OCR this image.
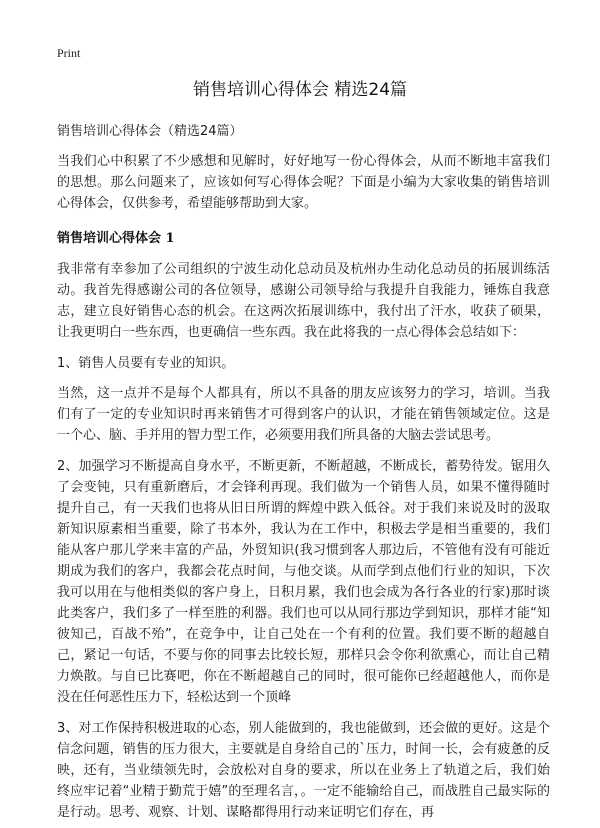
Print
销售培训心得体会 精选24篇

销售培训心得体会（精选24篇）

当我们心中积累了不少感想和见解时，好好地写一份心得体会，从而不断地丰富我们的思想。那么问题来了，应该如何写心得体会呢？下面是小编为大家收集的销售培训心得体会，仅供参考，希望能够帮助到大家。

销售培训心得体会 1

我非常有幸参加了公司组织的宁波生动化总动员及杭州办生动化总动员的拓展训练活动。我首先得感谢公司的各位领导，感谢公司领导给与我提升自我能力，锤炼自我意志，建立良好销售心态的机会。在这两次拓展训练中，我付出了汗水，收获了硕果，让我更明白一些东西，也更确信一些东西。我在此将我的一点心得体会总结如下：

1、销售人员要有专业的知识。

当然，这一点并不是每个人都具有，所以不具备的朋友应该努力的学习，培训。当我们有了一定的专业知识时再来销售才可得到客户的认识，才能在销售领域定位。这是一个心、脑、手并用的智力型工作，必须要用我们所具备的大脑去尝试思考。

2、加强学习不断提高自身水平，不断更新，不断超越，不断成长，蓄势待发。锯用久了会变钝，只有重新磨后，才会锋利再现。我们做为一个销售人员，如果不懂得随时提升自己，有一天我们也将从旧日所谓的辉煌中跌入低谷。对于我们来说及时的汲取新知识原素相当重要，除了书本外，我认为在工作中，积极去学是相当重要的，我们能从客户那儿学来丰富的产品，外贸知识(我习惯到客人那边后，不管他有没有可能近期成为我们的客户，我都会花点时间，与他交谈。从而学到点他们行业的知识，下次我可以用在与他相类似的客户身上，日积月累，我们也会成为各行各业的行家)那时谈此类客户，我们多了一样至胜的利器。我们也可以从同行那边学到知识，那样才能“知彼知己，百战不殆”，在竞争中，让自己处在一个有利的位置。我们要不断的超越自己，紧记一句话，不要与你的同事去比较长短，那样只会令你利欲熏心，而让自己精力焕散。与自已比赛吧，你在不断超越自己的同时，很可能你已经超越他人，而你是没在任何恶性压力下，轻松达到一个顶峰

3、对工作保持积极进取的心态，别人能做到的，我也能做到，还会做的更好。这是个信念问题，销售的压力很大，主要就是自身给自己的`压力，时间一长，会有疲惫的反映，还有，当业绩领先时，会放松对自身的要求，所以在业务上了轨道之后，我们始终应牢记着“业精于勤荒于嬉”的至理名言，。一定不能输给自己，而战胜自己最实际的是行动。思考、观察、计划、谋略都得用行动来证明它们存在，再
